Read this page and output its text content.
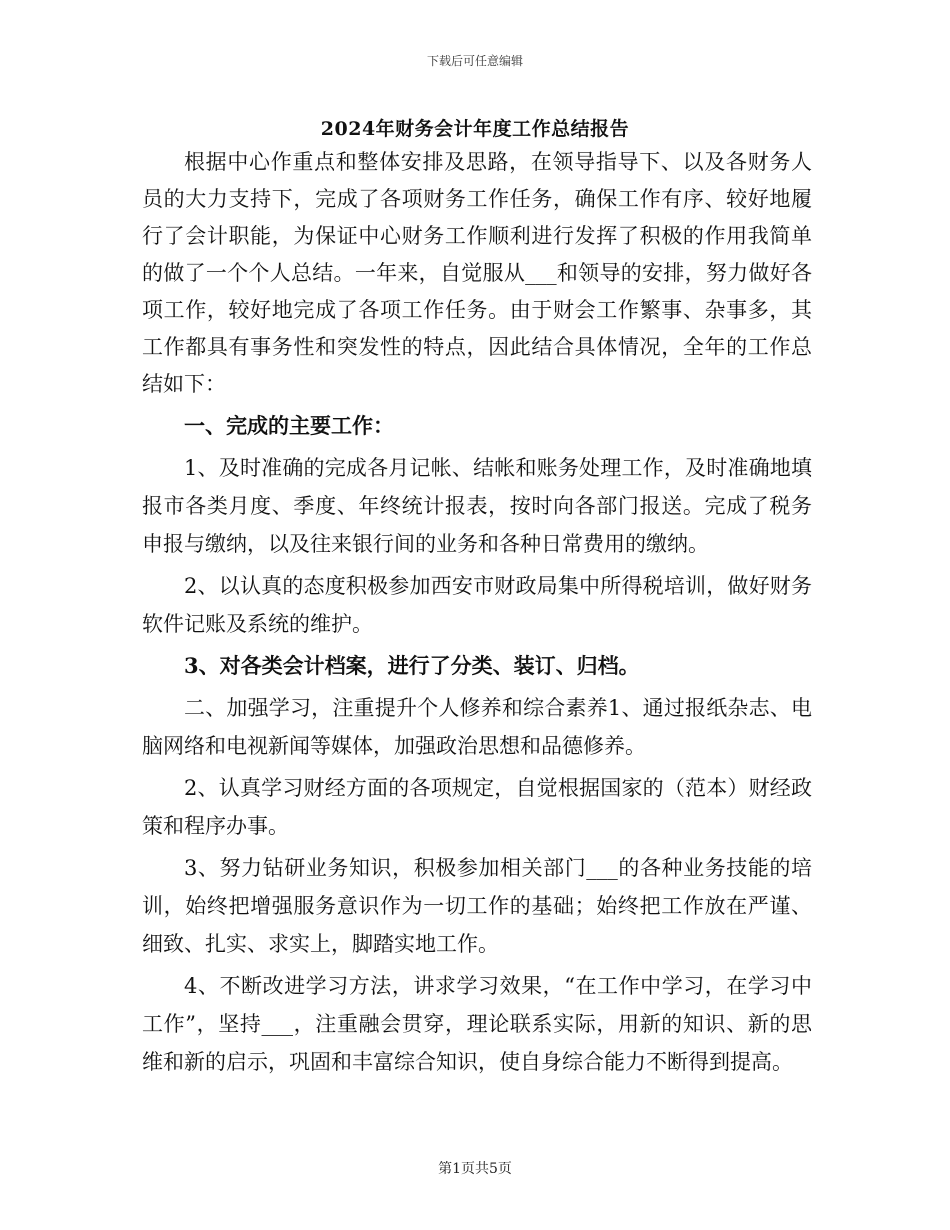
下载后可任意编辑
2024年财务会计年度工作总结报告

根据中心作重点和整体安排及思路，在领导指导下、以及各财务人员的大力支持下，完成了各项财务工作任务，确保工作有序、较好地履行了会计职能，为保证中心财务工作顺利进行发挥了积极的作用我简单的做了一个个人总结。一年来，自觉服从___和领导的安排，努力做好各项工作，较好地完成了各项工作任务。由于财会工作繁事、杂事多，其工作都具有事务性和突发性的特点，因此结合具体情况，全年的工作总结如下：

一、完成的主要工作：

1、及时准确的完成各月记帐、结帐和账务处理工作，及时准确地填报市各类月度、季度、年终统计报表，按时向各部门报送。完成了税务申报与缴纳，以及往来银行间的业务和各种日常费用的缴纳。

2、以认真的态度积极参加西安市财政局集中所得税培训，做好财务软件记账及系统的维护。

3、对各类会计档案，进行了分类、装订、归档。

二、加强学习，注重提升个人修养和综合素养1、通过报纸杂志、电脑网络和电视新闻等媒体，加强政治思想和品德修养。

2、认真学习财经方面的各项规定，自觉根据国家的（范本）财经政策和程序办事。

3、努力钻研业务知识，积极参加相关部门___的各种业务技能的培训，始终把增强服务意识作为一切工作的基础；始终把工作放在严谨、细致、扎实、求实上，脚踏实地工作。

4、不断改进学习方法，讲求学习效果，“在工作中学习，在学习中工作”，坚持___，注重融会贯穿，理论联系实际，用新的知识、新的思维和新的启示，巩固和丰富综合知识，使自身综合能力不断得到提高。

第1页共5页
